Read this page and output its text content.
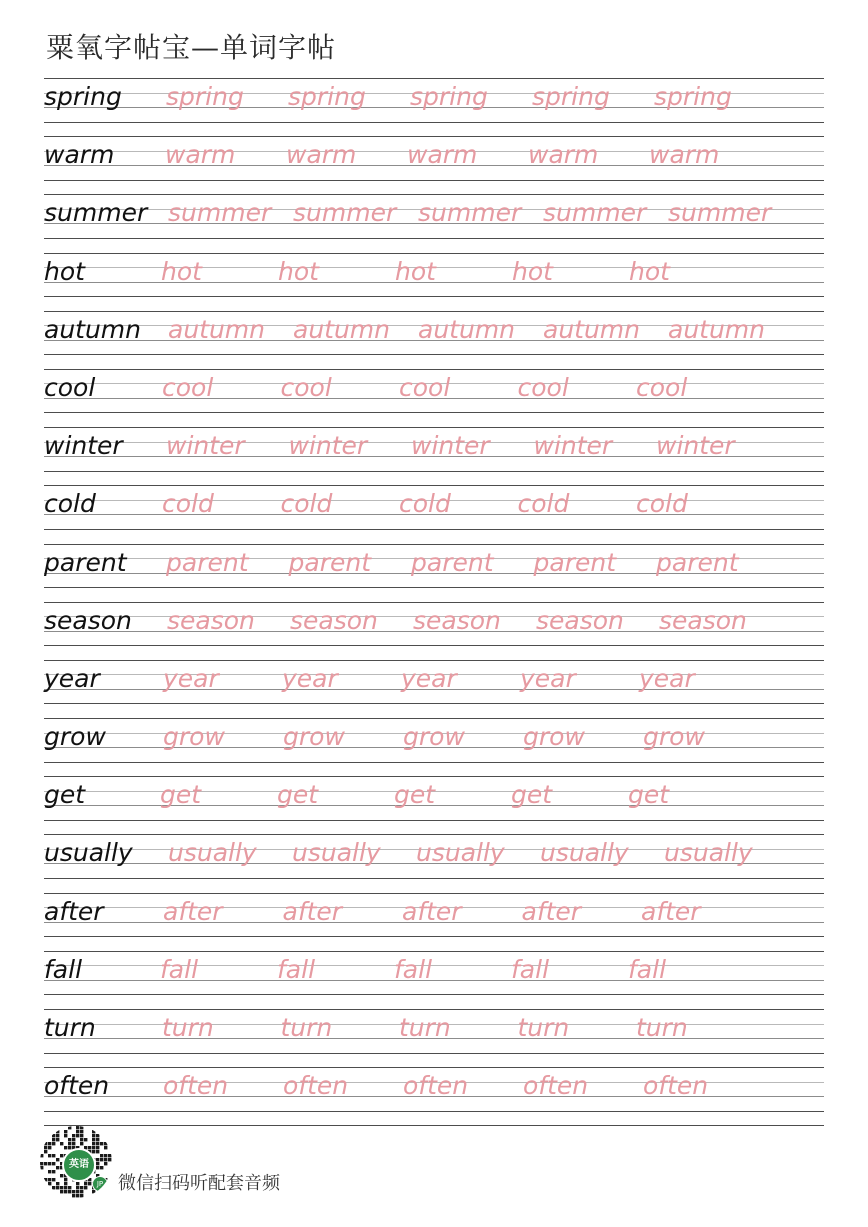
粟氧字帖宝—单词字帖
spring spring spring spring spring spring
warm warm warm warm warm warm
summer summer summer summer summer summer
hot	hot	hot	hot	hot	hot
autumn autumn autumn autumn autumn autumn
cool	cool	cool	cool	cool	cool
winter winter winter winter winter winter
cold	cold	cold	cold	cold	cold
parent parent parent parent parent parent
season season season season season season
year	year	year	year	year	year
grow grow grow grow grow grow
get	get	get	get	get	get
usually usually usually usually usually usually
after after after after after after
fall	fall	fall	fall	fall	fall
turn	turn	turn	turn	turn	turn
often often often often often often
英语
JP 微信扫码听配套音频
